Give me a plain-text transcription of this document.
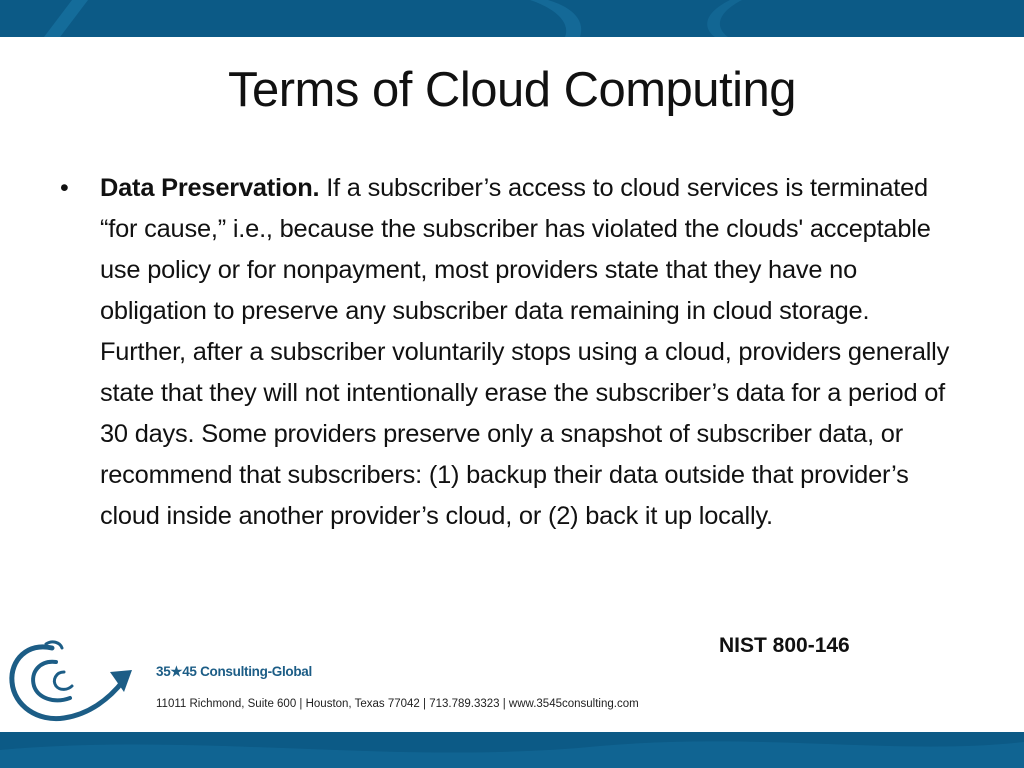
Terms of Cloud Computing
• Data Preservation. If a subscriber’s access to cloud services is terminated “for cause,” i.e., because the subscriber has violated the clouds' acceptable use policy or for nonpayment, most providers state that they have no obligation to preserve any subscriber data remaining in cloud storage. Further, after a subscriber voluntarily stops using a cloud, providers generally state that they will not intentionally erase the subscriber’s data for a period of 30 days. Some providers preserve only a snapshot of subscriber data, or recommend that subscribers: (1) backup their data outside that provider’s cloud inside another provider’s cloud, or (2) back it up locally.
NIST 800-146
35★45 Consulting-Global
11011 Richmond, Suite 600 | Houston, Texas 77042 | 713.789.3323 | www.3545consulting.com
